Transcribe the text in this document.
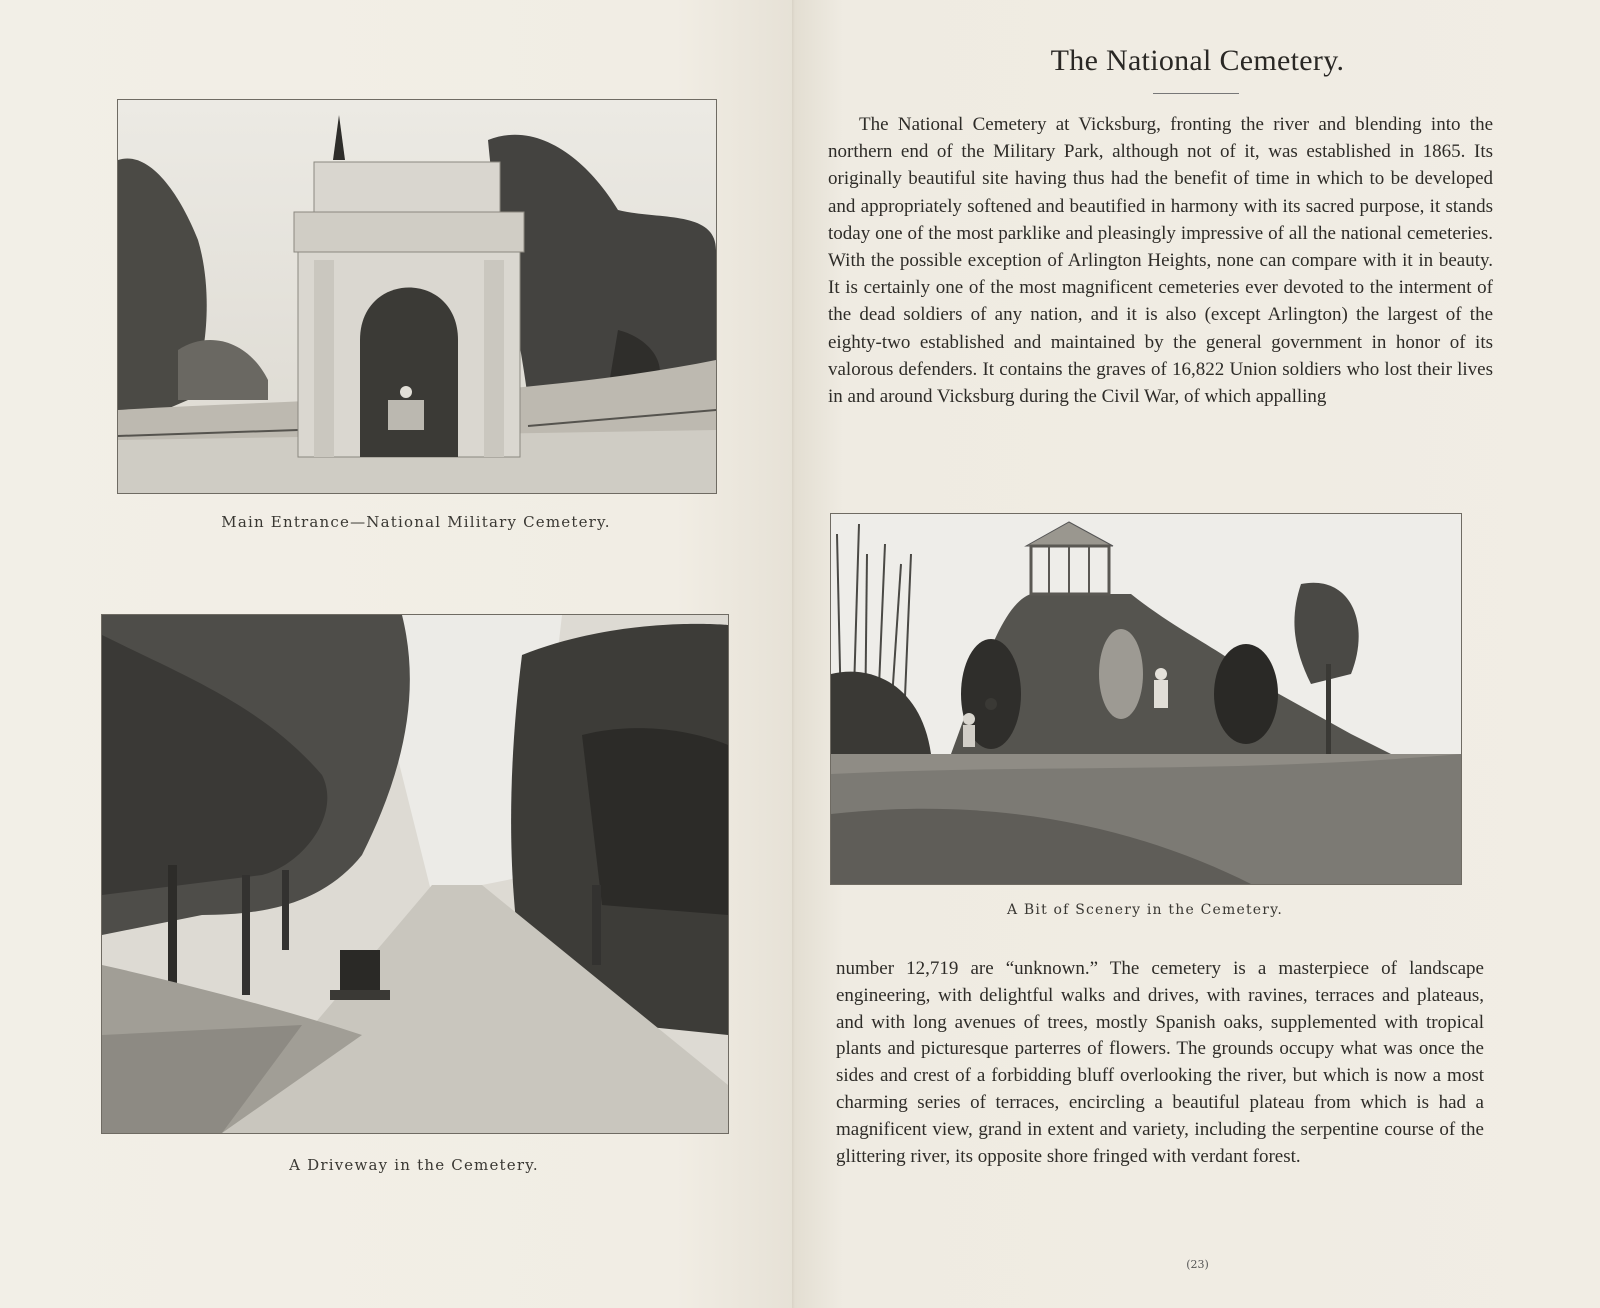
Main Entrance—National Military Cemetery.
A Driveway in the Cemetery.
The National Cemetery.
The National Cemetery at Vicksburg, fronting the river and blending into the northern end of the Military Park, although not of it, was established in 1865. Its originally beautiful site having thus had the benefit of time in which to be developed and appropriately softened and beautified in harmony with its sacred purpose, it stands today one of the most parklike and pleasingly impressive of all the national cemeteries. With the possible exception of Arlington Heights, none can compare with it in beauty. It is certainly one of the most magnificent cemeteries ever devoted to the interment of the dead soldiers of any nation, and it is also (except Arlington) the largest of the eighty-two established and maintained by the general government in honor of its valorous defenders. It contains the graves of 16,822 Union soldiers who lost their lives in and around Vicksburg during the Civil War, of which appalling
A Bit of Scenery in the Cemetery.
number 12,719 are “unknown.” The cemetery is a masterpiece of landscape engineering, with delightful walks and drives, with ravines, terraces and plateaus, and with long avenues of trees, mostly Spanish oaks, supplemented with tropical plants and picturesque parterres of flowers. The grounds occupy what was once the sides and crest of a forbidding bluff overlooking the river, but which is now a most charming series of terraces, encircling a beautiful plateau from which is had a magnificent view, grand in extent and variety, including the serpentine course of the glittering river, its opposite shore fringed with verdant forest.
(23)
